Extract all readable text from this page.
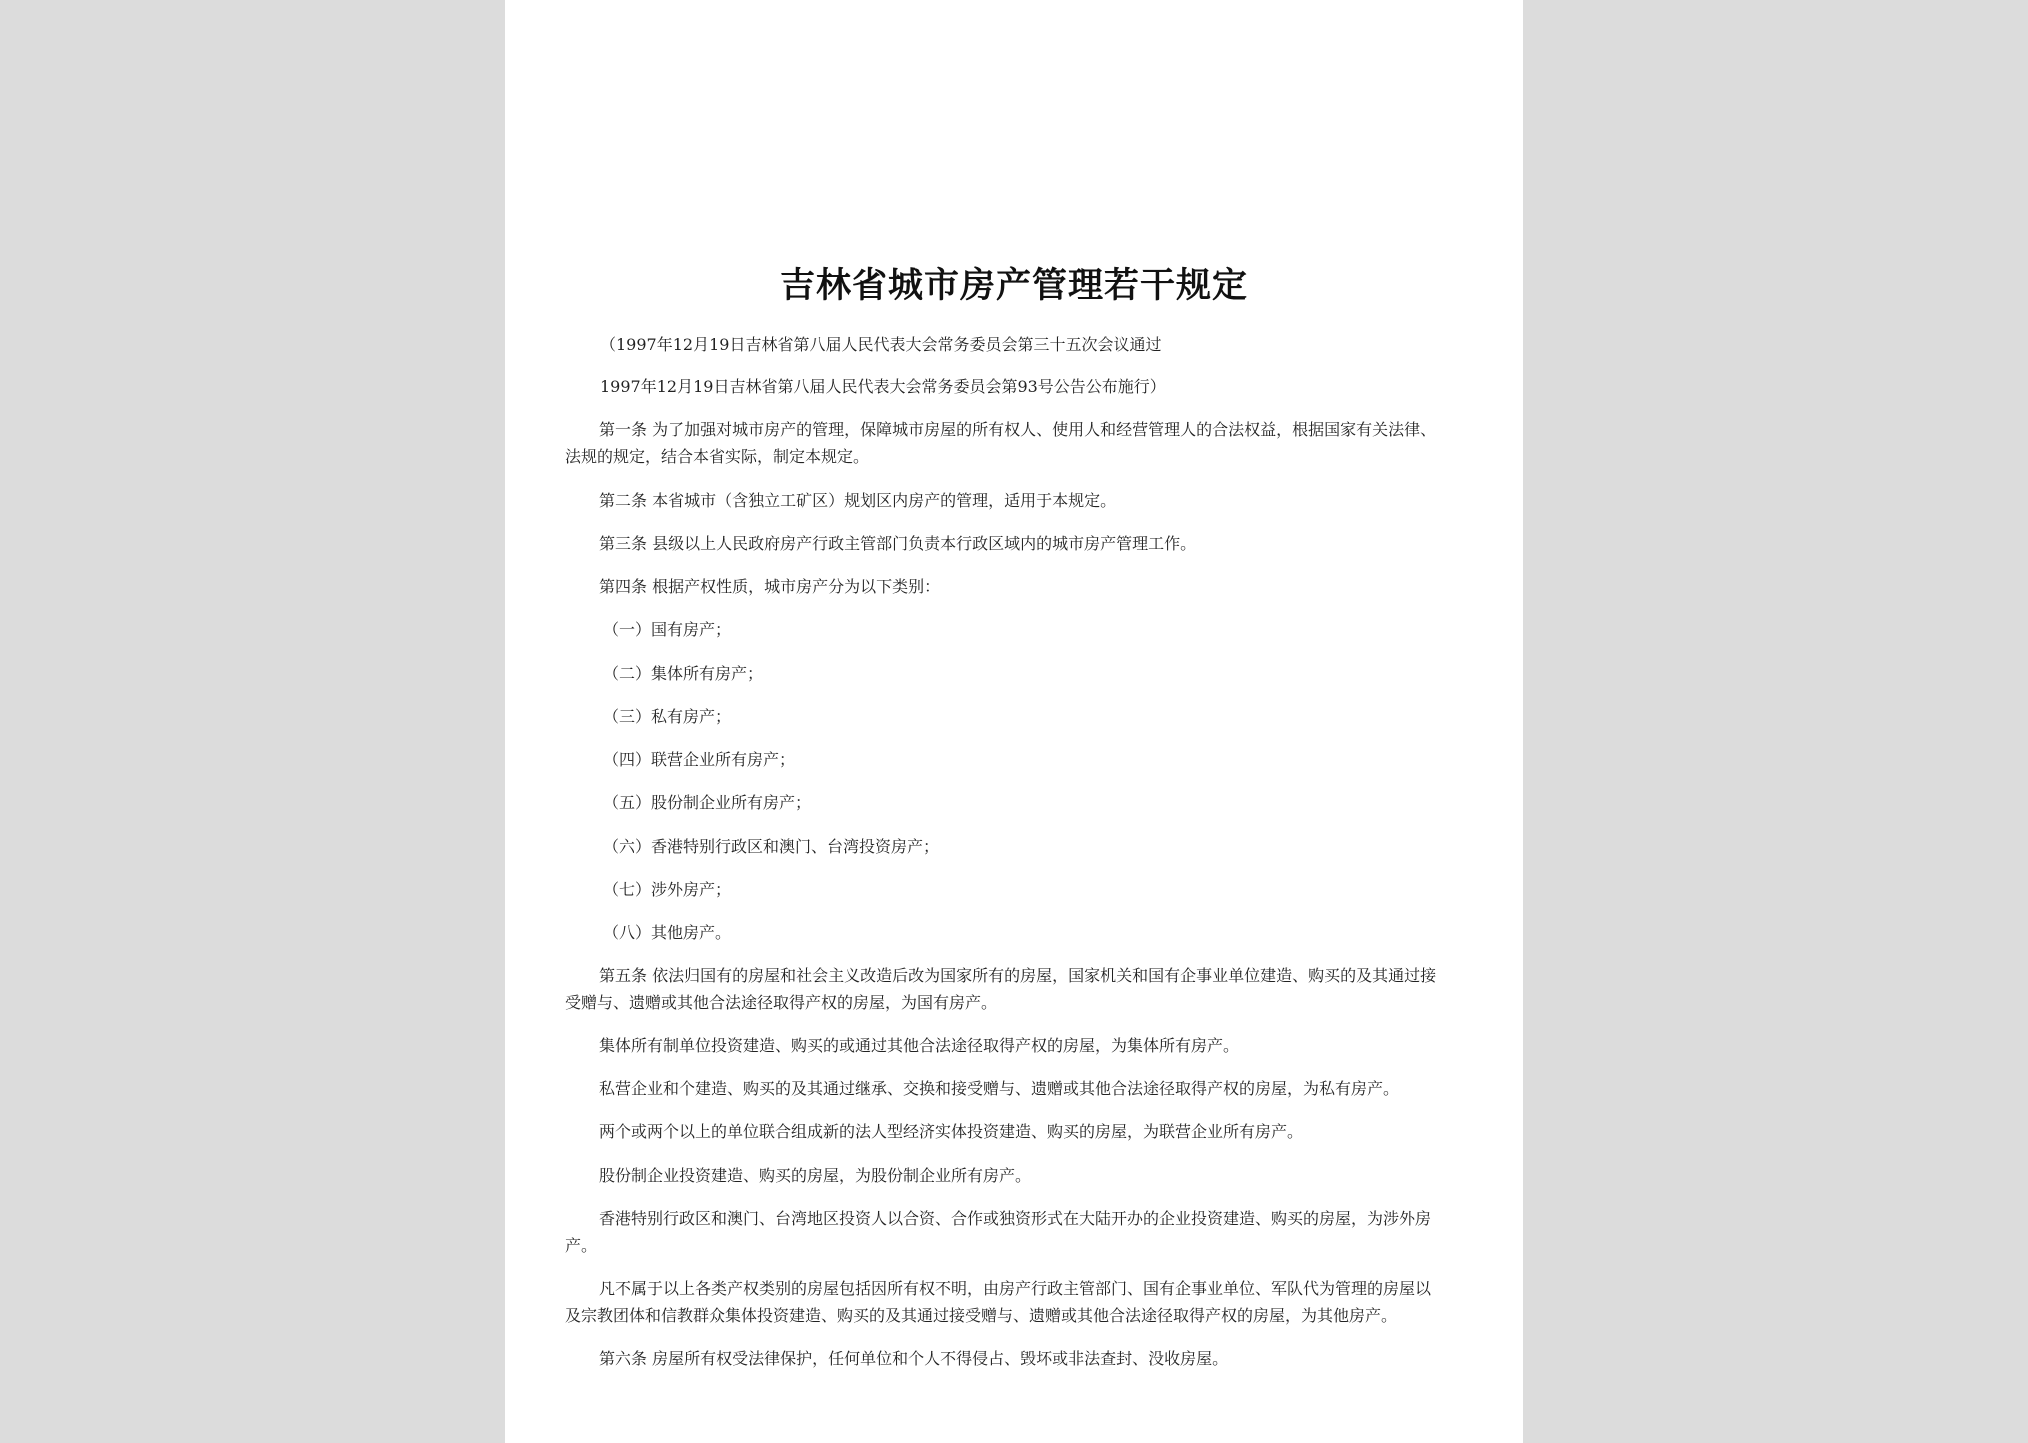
吉林省城市房产管理若干规定
（1997年12月19日吉林省第八届人民代表大会常务委员会第三十五次会议通过
1997年12月19日吉林省第八届人民代表大会常务委员会第93号公告公布施行）
第一条 为了加强对城市房产的管理，保障城市房屋的所有权人、使用人和经营管理人的合法权益，根据国家有关法律、
法规的规定，结合本省实际，制定本规定。
第二条 本省城市（含独立工矿区）规划区内房产的管理，适用于本规定。
第三条 县级以上人民政府房产行政主管部门负责本行政区域内的城市房产管理工作。
第四条 根据产权性质，城市房产分为以下类别：
（一）国有房产；
（二）集体所有房产；
（三）私有房产；
（四）联营企业所有房产；
（五）股份制企业所有房产；
（六）香港特别行政区和澳门、台湾投资房产；
（七）涉外房产；
（八）其他房产。
第五条 依法归国有的房屋和社会主义改造后改为国家所有的房屋，国家机关和国有企事业单位建造、购买的及其通过接
受赠与、遗赠或其他合法途径取得产权的房屋，为国有房产。
集体所有制单位投资建造、购买的或通过其他合法途径取得产权的房屋，为集体所有房产。
私营企业和个建造、购买的及其通过继承、交换和接受赠与、遗赠或其他合法途径取得产权的房屋，为私有房产。
两个或两个以上的单位联合组成新的法人型经济实体投资建造、购买的房屋，为联营企业所有房产。
股份制企业投资建造、购买的房屋，为股份制企业所有房产。
香港特别行政区和澳门、台湾地区投资人以合资、合作或独资形式在大陆开办的企业投资建造、购买的房屋，为涉外房
产。
凡不属于以上各类产权类别的房屋包括因所有权不明，由房产行政主管部门、国有企事业单位、军队代为管理的房屋以
及宗教团体和信教群众集体投资建造、购买的及其通过接受赠与、遗赠或其他合法途径取得产权的房屋，为其他房产。
第六条 房屋所有权受法律保护，任何单位和个人不得侵占、毁坏或非法查封、没收房屋。
